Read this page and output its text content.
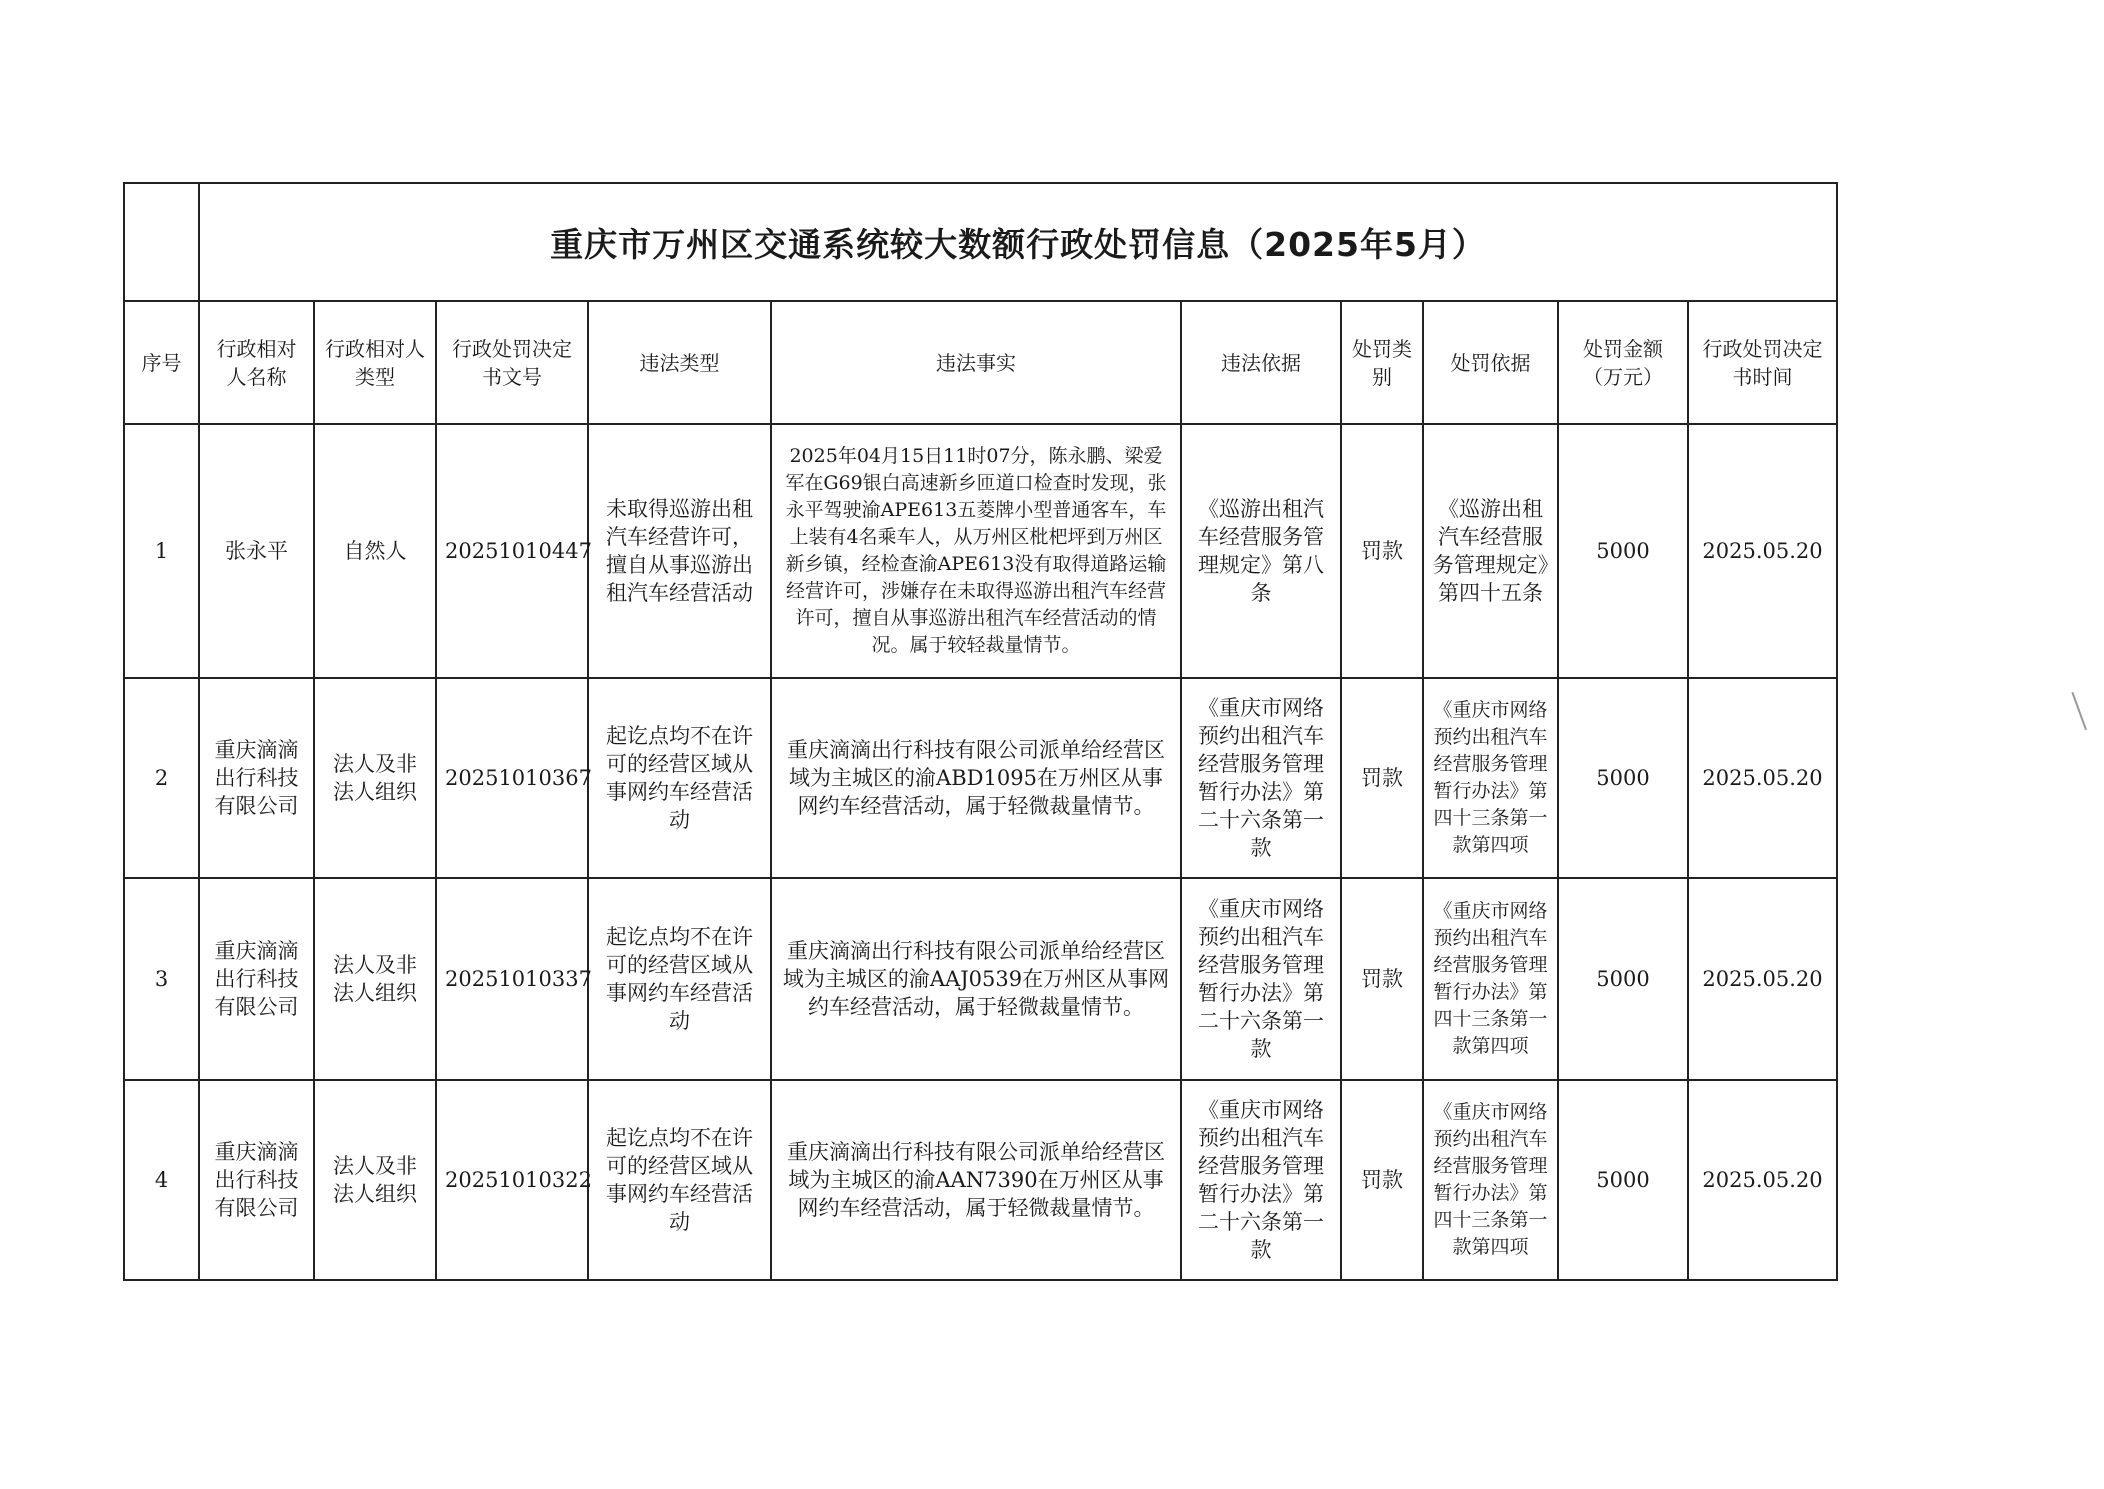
	重庆市万州区交通系统较大数额行政处罚信息（2025年5月）									
序号	行政相对人名称	行政相对人类型	行政处罚决定书文号	违法类型	违法事实	违法依据	处罚类别	处罚依据	处罚金额（万元）	行政处罚决定书时间
1	张永平	自然人	20251010447	未取得巡游出租汽车经营许可，擅自从事巡游出租汽车经营活动	2025年04月15日11时07分，陈永鹏、梁爱军在G69银白高速新乡匝道口检查时发现，张永平驾驶渝APE613五菱牌小型普通客车，车上装有4名乘车人，从万州区枇杷坪到万州区新乡镇，经检查渝APE613没有取得道路运输经营许可，涉嫌存在未取得巡游出租汽车经营许可，擅自从事巡游出租汽车经营活动的情况。属于较轻裁量情节。	《巡游出租汽车经营服务管理规定》第八条	罚款	《巡游出租汽车经营服务管理规定》第四十五条	5000	2025.05.20
2	重庆滴滴出行科技有限公司	法人及非法人组织	20251010367	起讫点均不在许可的经营区域从事网约车经营活动	重庆滴滴出行科技有限公司派单给经营区域为主城区的渝ABD1095在万州区从事网约车经营活动，属于轻微裁量情节。	《重庆市网络预约出租汽车经营服务管理暂行办法》第二十六条第一款	罚款	《重庆市网络预约出租汽车经营服务管理暂行办法》第四十三条第一款第四项	5000	2025.05.20
3	重庆滴滴出行科技有限公司	法人及非法人组织	20251010337	起讫点均不在许可的经营区域从事网约车经营活动	重庆滴滴出行科技有限公司派单给经营区域为主城区的渝AAJ0539在万州区从事网约车经营活动，属于轻微裁量情节。	《重庆市网络预约出租汽车经营服务管理暂行办法》第二十六条第一款	罚款	《重庆市网络预约出租汽车经营服务管理暂行办法》第四十三条第一款第四项	5000	2025.05.20
4	重庆滴滴出行科技有限公司	法人及非法人组织	20251010322	起讫点均不在许可的经营区域从事网约车经营活动	重庆滴滴出行科技有限公司派单给经营区域为主城区的渝AAN7390在万州区从事网约车经营活动，属于轻微裁量情节。	《重庆市网络预约出租汽车经营服务管理暂行办法》第二十六条第一款	罚款	《重庆市网络预约出租汽车经营服务管理暂行办法》第四十三条第一款第四项	5000	2025.05.20
